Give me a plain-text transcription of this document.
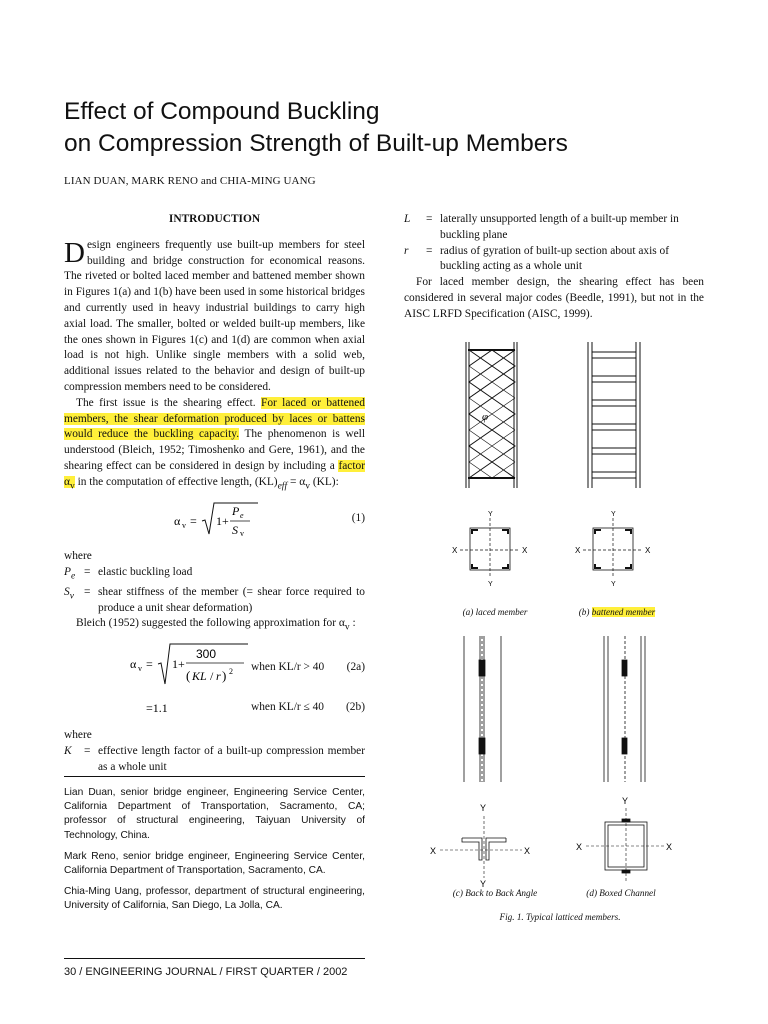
Effect of Compound Buckling
on Compression Strength of Built-up Members
LIAN DUAN, MARK RENO and CHIA-MING UANG
INTRODUCTION

Design engineers frequently use built-up members for steel building and bridge construction for economical reasons. The riveted or bolted laced member and battened member shown in Figures 1(a) and 1(b) have been used in some historical bridges and currently used in heavy industrial buildings to carry high axial load. The smaller, bolted or welded built-up members, like the ones shown in Figures 1(c) and 1(d) are common when axial load is not high. Unlike single members with a solid web, additional issues related to the behavior and design of built-up compression members need to be considered.

The first issue is the shearing effect. For laced or battened members, the shear deformation produced by laces or battens would reduce the buckling capacity. The phenomenon is well understood (Bleich, 1952; Timoshenko and Gere, 1961), and the shearing effect can be considered in design by including a factor $\alpha_v$ in the computation of effective length, $(KL)_{eff} = \alpha_v$ (KL):

α v = 1+
P e
S v
(1)
where
$P_e$ = elastic buckling load
$S_v$ = shear stiffness of the member (= shear force required to produce a unit shear deformation)

Bleich (1952) suggested the following approximation for $\alpha_v$ :

α v = 1+
300
( KL / r ) 2
=1.1
when KL/r > 40 (2a)
when KL/r ≤ 40 (2b)
where
K	= effective length factor of a built-up compression member as a whole unit

Lian Duan, senior bridge engineer, Engineering Service Center, California Department of Transportation, Sacramento, CA; professor of structural engineering, Taiyuan University of Technology, China.

Mark Reno, senior bridge engineer, Engineering Service Center, California Department of Transportation, Sacramento, CA.

Chia-Ming Uang, professor, department of structural engineering, University of California, San Diego, La Jolla, CA.

30 / ENGINEERING JOURNAL / FIRST QUARTER / 2002
L	= laterally unsupported length of a built-up member in buckling plane
r	= radius of gyration of built-up section about axis of buckling acting as a whole unit

For laced member design, the shearing effect has been considered in several major codes (Beedle, 1991), but not in the AISC LRFD Specification (AISC, 1999).

φ
Y
Y
X	X
Y
Y
X	X
Y
Y
X	X
Y
X	X
(a) laced member	(b) battened member
(c) Back to Back Angle	(d) Boxed Channel
Fig. 1. Typical latticed members.
